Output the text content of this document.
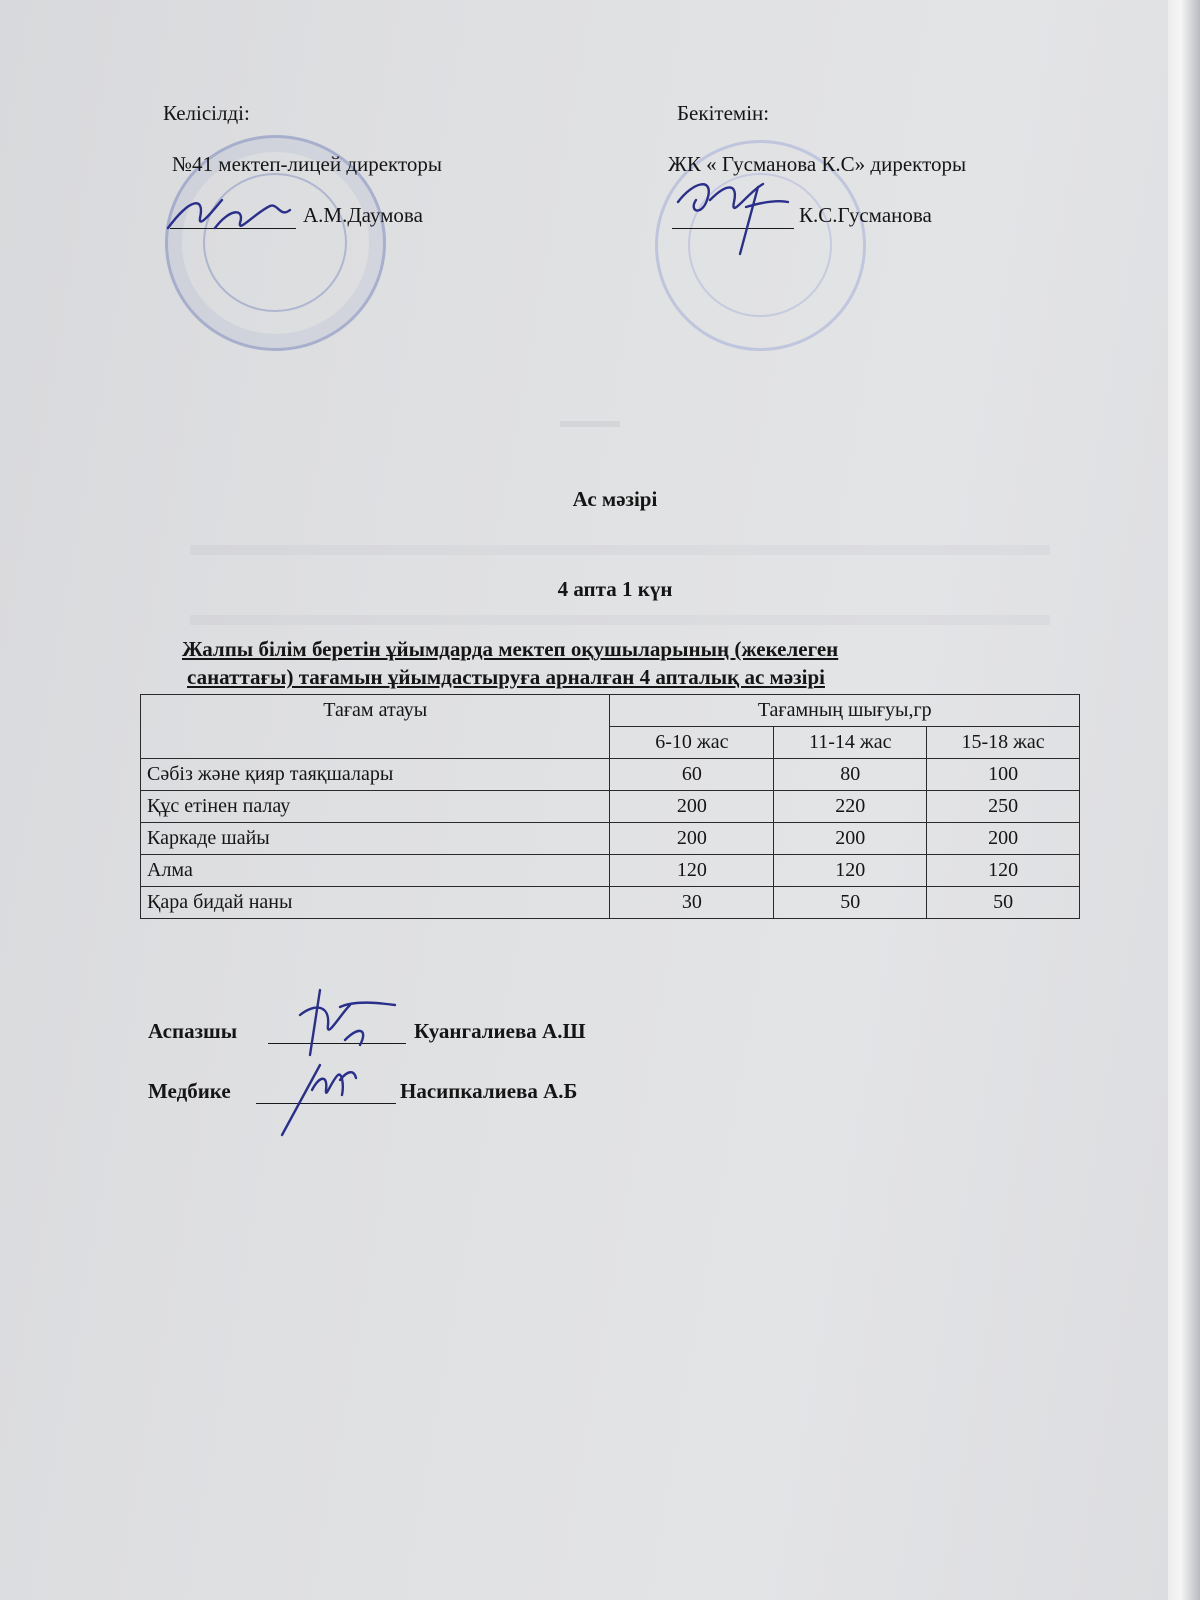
▬▬▬
Келісілді:
№41 мектеп-лицей директоры
А.М.Даумова
Бекітемін:
ЖК « Гусманова К.С» директоры
К.С.Гусманова
Ас мәзірі
4 апта 1 күн
Жалпы білім беретін ұйымдарда мектеп оқушыларының (жекелеген
санаттағы) тағамын ұйымдастыруға арналған 4 апталық ас мәзірі
Тағам атауы	Тағамның шығуы,гр		
	6-10 жас	11-14 жас	15-18 жас
Сәбіз және қияр таяқшалары	60	80	100
Құс етінен палау	200	220	250
Каркаде шайы	200	200	200
Алма	120	120	120
Қара бидай наны	30	50	50
Аспазшы	Куангалиева А.Ш
Медбике	Насипкалиева А.Б
